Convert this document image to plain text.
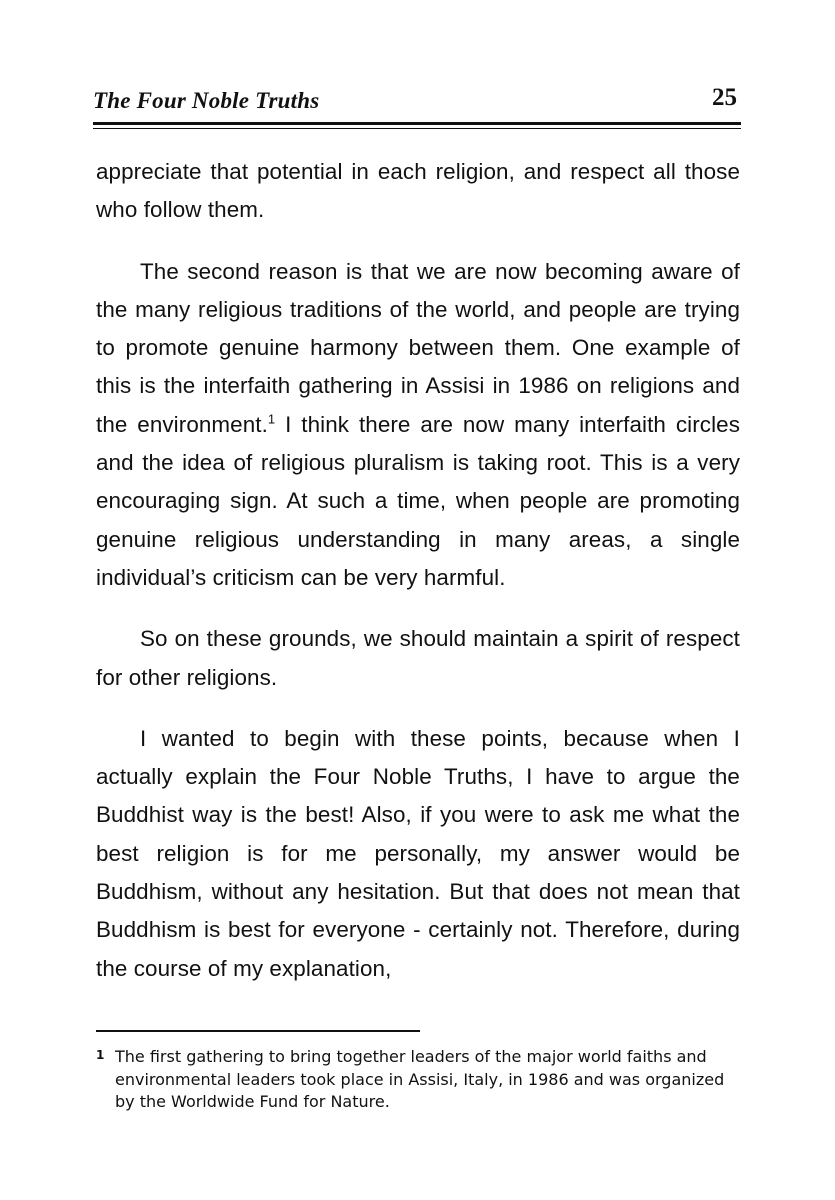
The Four Noble Truths	25

appreciate that potential in each religion, and respect all those who follow them.

The second reason is that we are now becoming aware of the many religious traditions of the world, and people are trying to promote genuine harmony between them. One example of this is the interfaith gathering in Assisi in 1986 on religions and the environment.$^1$ I think there are now many interfaith circles and the idea of religious pluralism is taking root. This is a very encouraging sign. At such a time, when people are promoting genuine religious understanding in many areas, a single individual’s criticism can be very harmful.

So on these grounds, we should maintain a spirit of respect for other religions.

I wanted to begin with these points, because when I actually explain the Four Noble Truths, I have to argue the Buddhist way is the best! Also, if you were to ask me what the best religion is for me personally, my answer would be Buddhism, without any hesitation. But that does not mean that Buddhism is best for everyone - certainly not. Therefore, during the course of my explanation,

1 The first gathering to bring together leaders of the major world faiths and environmental leaders took place in Assisi, Italy, in 1986 and was organized by the Worldwide Fund for Nature.
